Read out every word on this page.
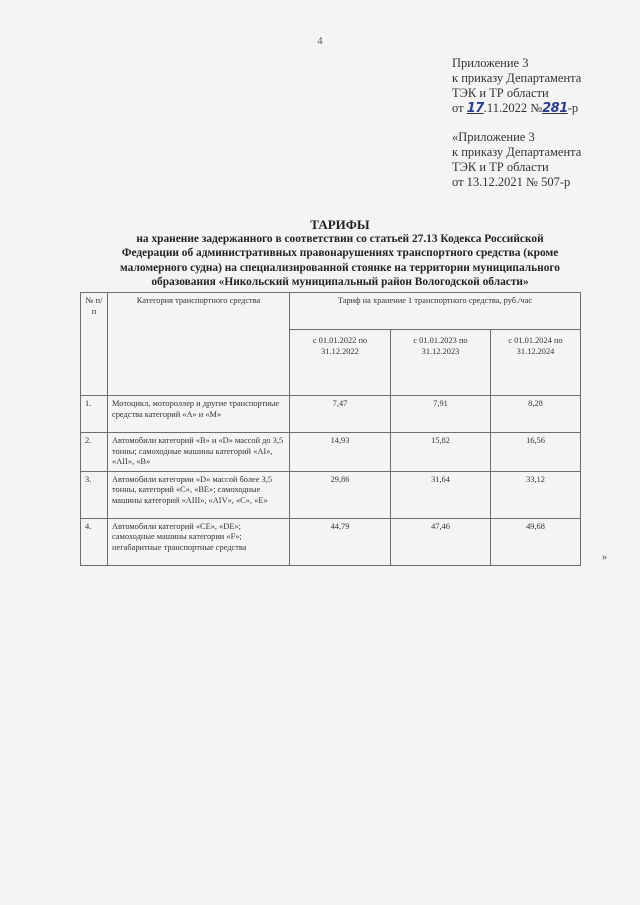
4
Приложение 3
к приказу Департамента
ТЭК и ТР области
от 17.11.2022 №281-р
«Приложение 3
к приказу Департамента
ТЭК и ТР области
от 13.12.2021 № 507-р
ТАРИФЫ
на хранение задержанного в соответствии со статьей 27.13 Кодекса Российской
Федерации об административных правонарушениях транспортного средства (кроме
маломерного судна) на специализированной стоянке на территории муниципального
образования «Никольский муниципальный район Вологодской области»
№ п/п	Категория транспортного средства	Тариф на хранение 1 транспортного средства, руб./час		
		с 01.01.2022 по 31.12.2022	с 01.01.2023 по 31.12.2023	с 01.01.2024 по 31.12.2024
1.	Мотоцикл, мотороллер и другие транспортные средства категорий «А» и «М»	7,47	7,91	8,28
2.	Автомобили категорий «В» и «D» массой до 3,5 тонны; самоходные машины категорий «АI», «АII», «В»	14,93	15,82	16,56
3.	Автомобили категории «D» массой более 3,5 тонны, категорий «С», «ВЕ»; самоходные машины категорий «АIII», «АIV», «С», «Е»	29,86	31,64	33,12
4.	Автомобили категорий «СЕ», «DE»; самоходные машины категории «F»; негабаритные транспортные средства	44,79	47,46	49,68
»
